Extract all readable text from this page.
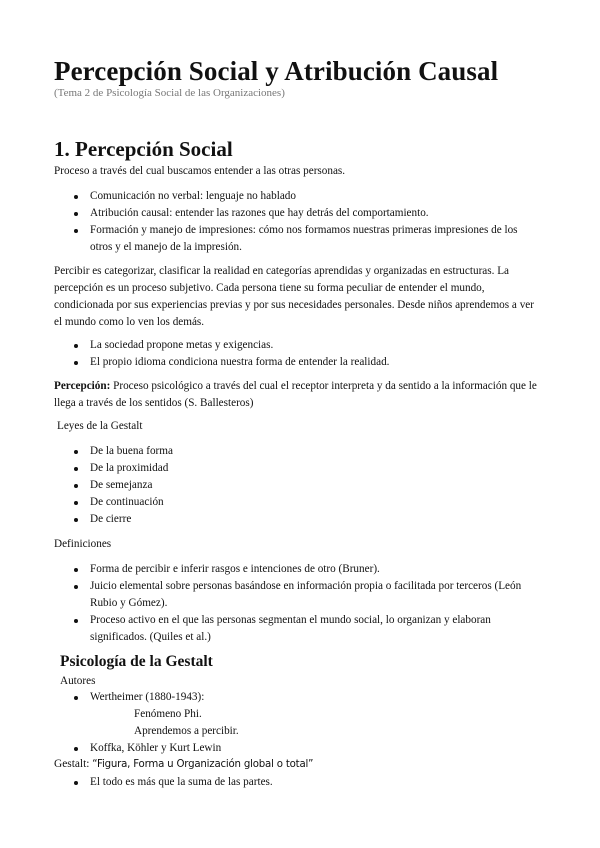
Percepción Social y Atribución Causal
(Tema 2 de Psicología Social de las Organizaciones)
1. Percepción Social
Proceso a través del cual buscamos entender a las otras personas.
Comunicación no verbal: lenguaje no hablado
Atribución causal: entender las razones que hay detrás del comportamiento.
Formación y manejo de impresiones: cómo nos formamos nuestras primeras impresiones de los otros y el manejo de la impresión.
Percibir es categorizar, clasificar la realidad en categorías aprendidas y organizadas en estructuras. La percepción es un proceso subjetivo. Cada persona tiene su forma peculiar de entender el mundo, condicionada por sus experiencias previas y por sus necesidades personales. Desde niños aprendemos a ver el mundo como lo ven los demás.
La sociedad propone metas y exigencias.
El propio idioma condiciona nuestra forma de entender la realidad.
Percepción: Proceso psicológico a través del cual el receptor interpreta y da sentido a la información que le llega a través de los sentidos (S. Ballesteros)
Leyes de la Gestalt
De la buena forma
De la proximidad
De semejanza
De continuación
De cierre
Definiciones
Forma de percibir e inferir rasgos e intenciones de otro (Bruner).
Juicio elemental sobre personas basándose en información propia o facilitada por terceros (León Rubio y Gómez).
Proceso activo en el que las personas segmentan el mundo social, lo organizan y elaboran significados. (Quiles et al.)
Psicología de la Gestalt
Autores
Wertheimer (1880-1943):
Fenómeno Phi.
Aprendemos a percibir.
Koffka, Köhler y Kurt Lewin
Gestalt: “Figura, Forma u Organización global o total”
El todo es más que la suma de las partes.
